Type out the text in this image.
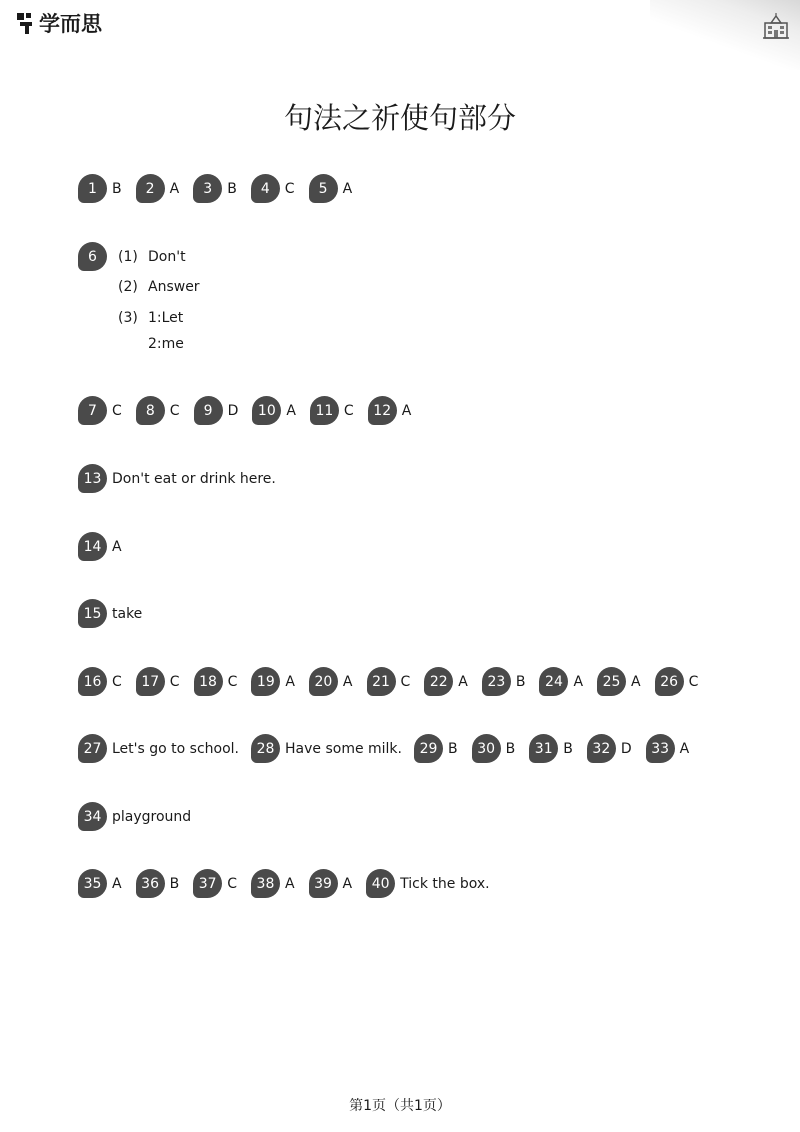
学而思
句法之祈使句部分
1	B	2	A	3	B	4	C	5	A
6
7	C	8	C	9	D	10 A	11 C	12 A
13 Don't eat or drink here.
14 A
15 take
16 C	17 C	18 C	19 A	20 A	21 C	22 A	23 B	24 A	25 A	26 C
27 Let's go to school.	28 Have some milk.	29 B	30 B	31 B	32 D	33 A
34 playground
35 A	36 B	37 C	38 A	39 A	40 Tick the box.
(1) Don't
(2) Answer
(3) 1:Let
2:me
第1页（共1页）
